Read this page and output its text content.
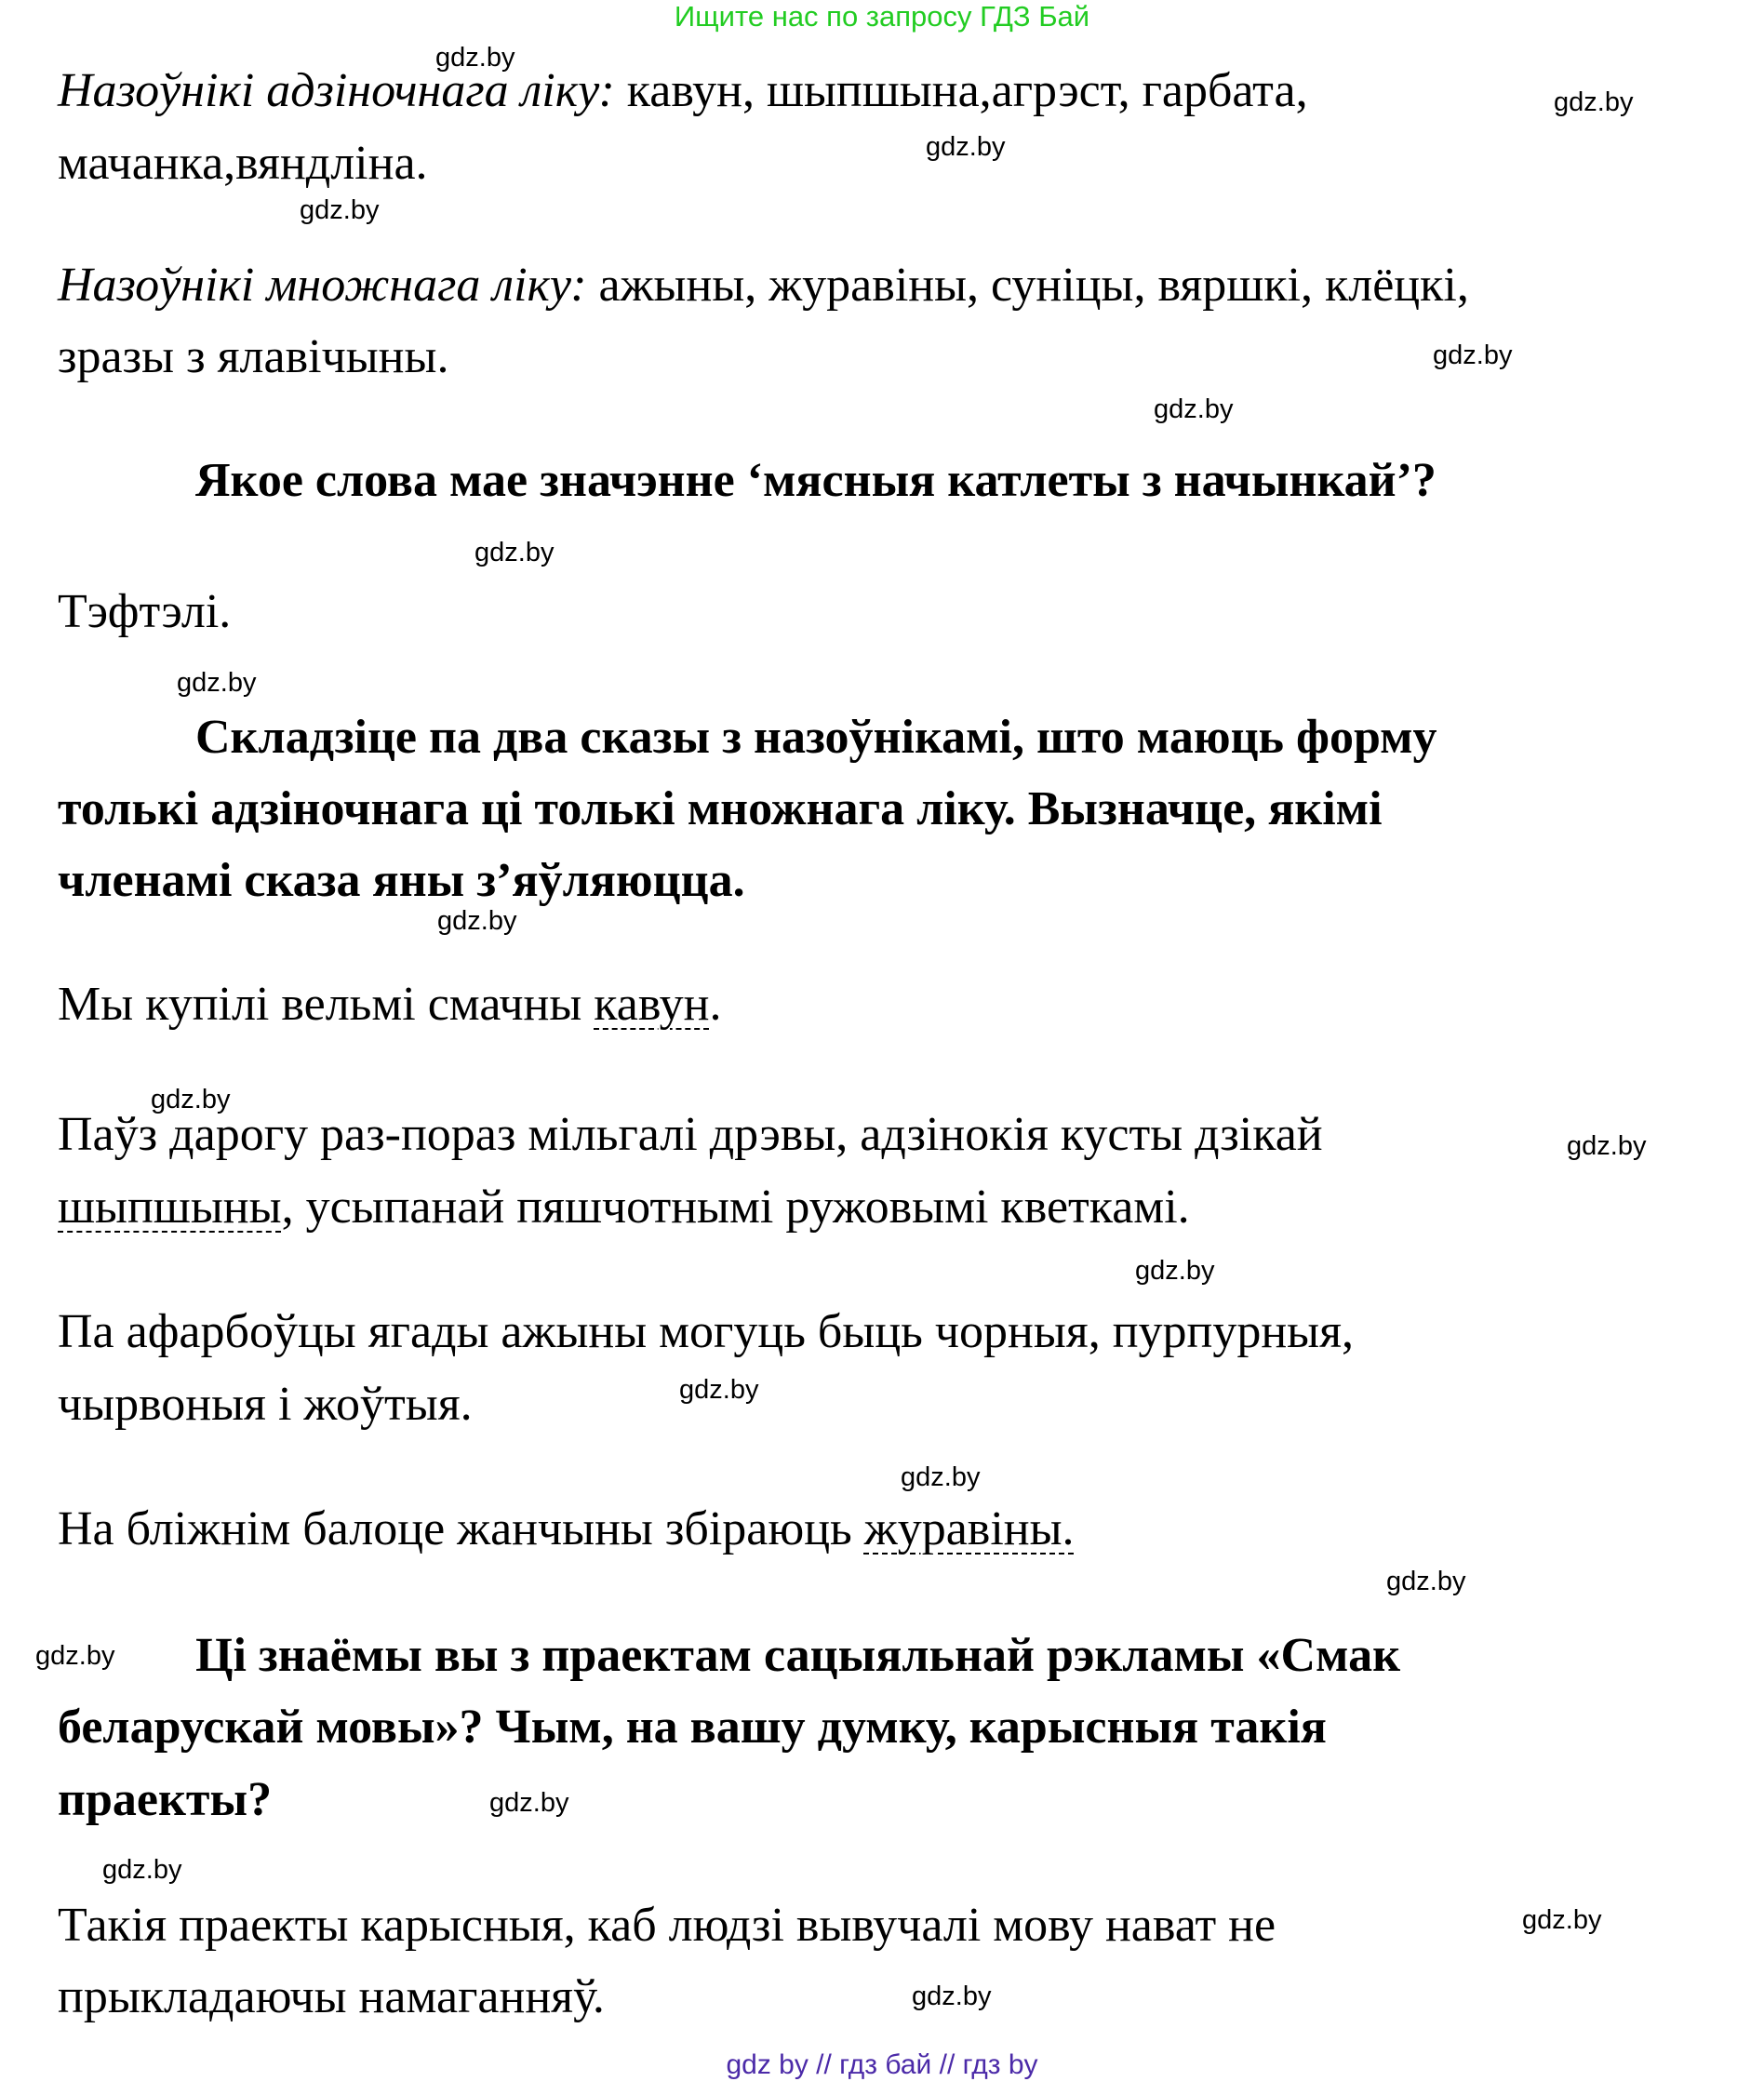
Ищите нас по запросу ГДЗ Бай
Назоўнікі адзіночнага ліку: кавун, шыпшына,агрэст, гарбата,
мачанка,вяндліна.
Назоўнікі множнага ліку: ажыны, журавіны, суніцы, вяршкі, клёцкі,
зразы з ялавічыны.
Якое слова мае значэнне ‘мясныя катлеты з начынкай’?
Тэфтэлі.
Складзіце па два сказы з назоўнікамі, што маюць форму
толькі адзіночнага ці толькі множнага ліку. Вызначце, якімі
членамі сказа яны з’яўляюцца.
Мы купілі вельмі смачны кавун.
Паўз дарогу раз-пораз мільгалі дрэвы, адзінокія кусты дзікай
шыпшыны, усыпанай пяшчотнымі ружовымі кветкамі.
Па афарбоўцы ягады ажыны могуць быць чорныя, пурпурныя,
чырвоныя і жоўтыя.
На бліжнім балоце жанчыны збіраюць журавіны.
Ці знаёмы вы з праектам сацыяльнай рэкламы «Смак
беларускай мовы»? Чым, на вашу думку, карысныя такія
праекты?
Такія праекты карысныя, каб людзі вывучалі мову нават не
прыкладаючы намаганняў.
gdz.by
gdz.by
gdz.by
gdz.by
gdz.by
gdz.by
gdz.by
gdz.by
gdz.by
gdz.by
gdz.by
gdz.by
gdz.by
gdz.by
gdz.by
gdz.by
gdz.by
gdz.by
gdz.by
gdz.by
gdz by // гдз бай // гдз by
